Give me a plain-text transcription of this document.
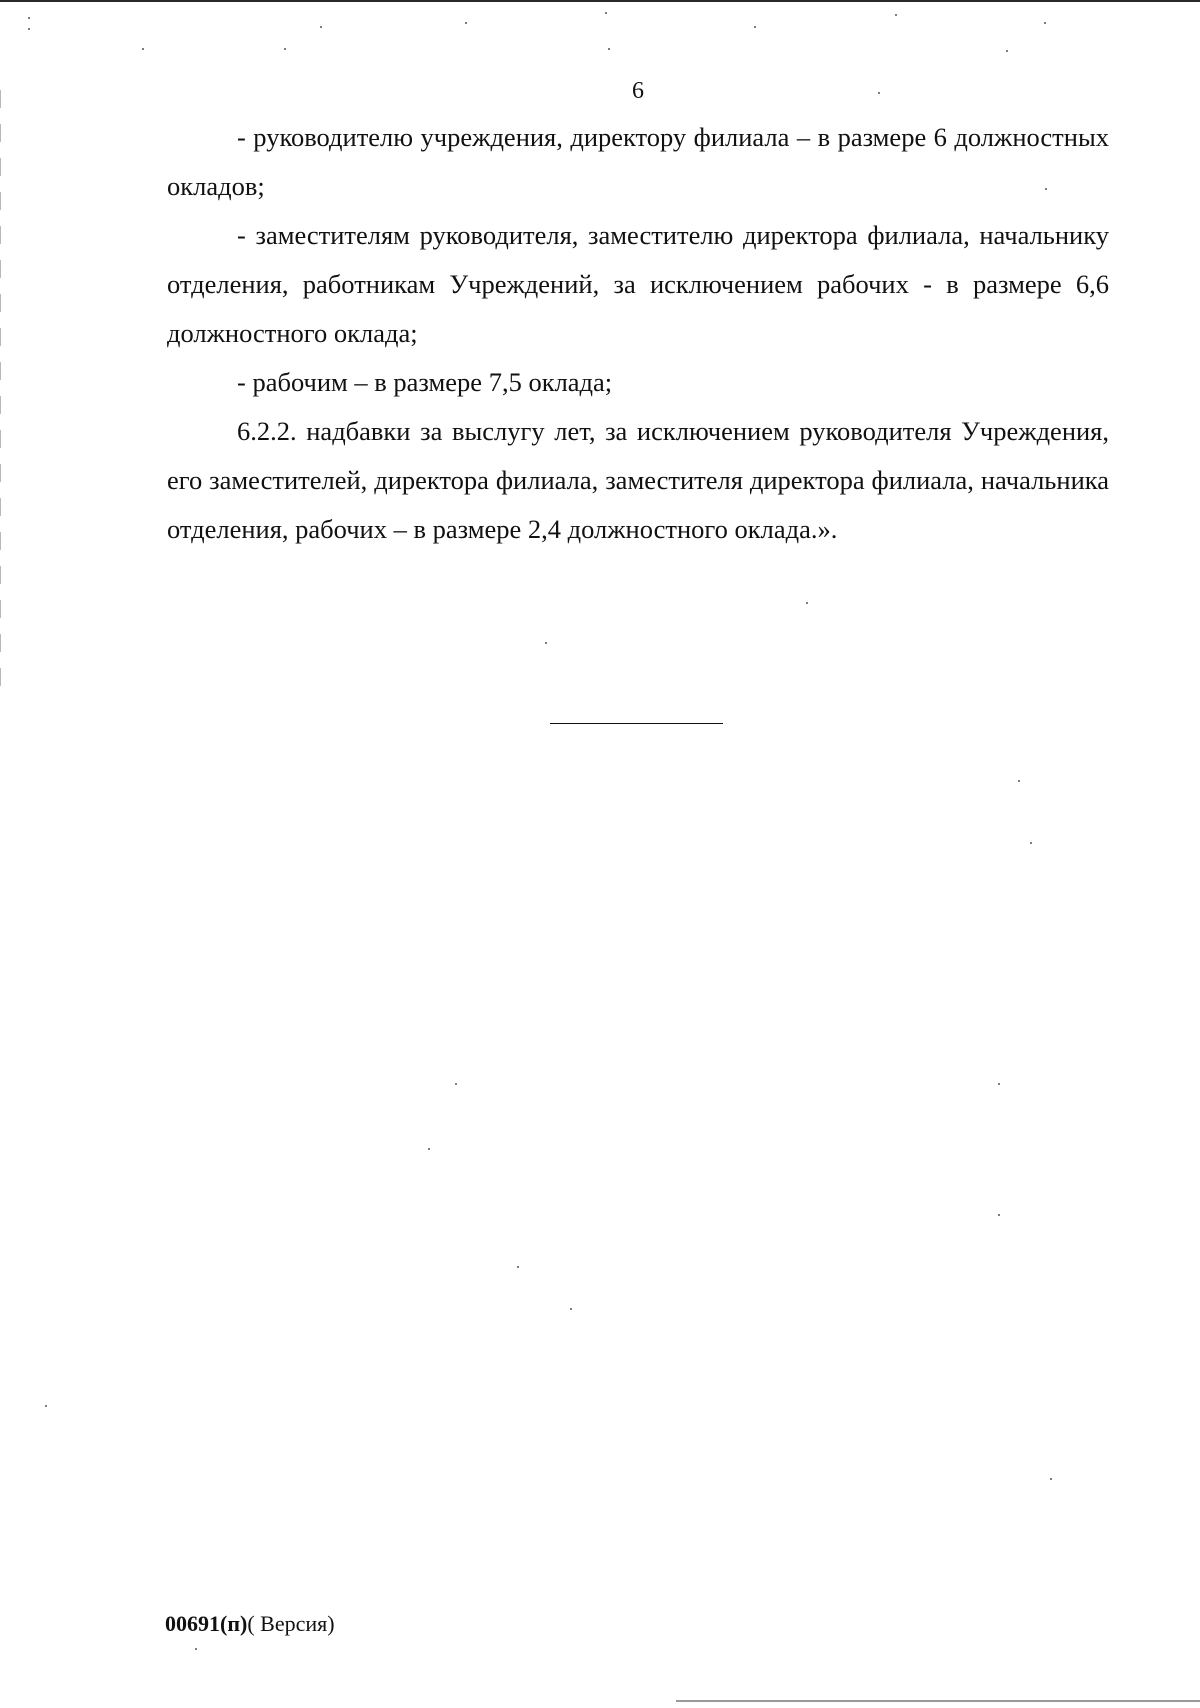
6

- руководителю учреждения, директору филиала – в размере 6 должностных окладов;

- заместителям руководителя, заместителю директора филиала, начальнику отделения, работникам Учреждений, за исключением рабочих - в размере 6,6 должностного оклада;

- рабочим – в размере 7,5 оклада;

6.2.2. надбавки за выслугу лет, за исключением руководителя Учреждения, его заместителей, директора филиала, заместителя директора филиала, начальника отделения, рабочих – в размере 2,4 должностного оклада.».

00691(п)( Версия)
